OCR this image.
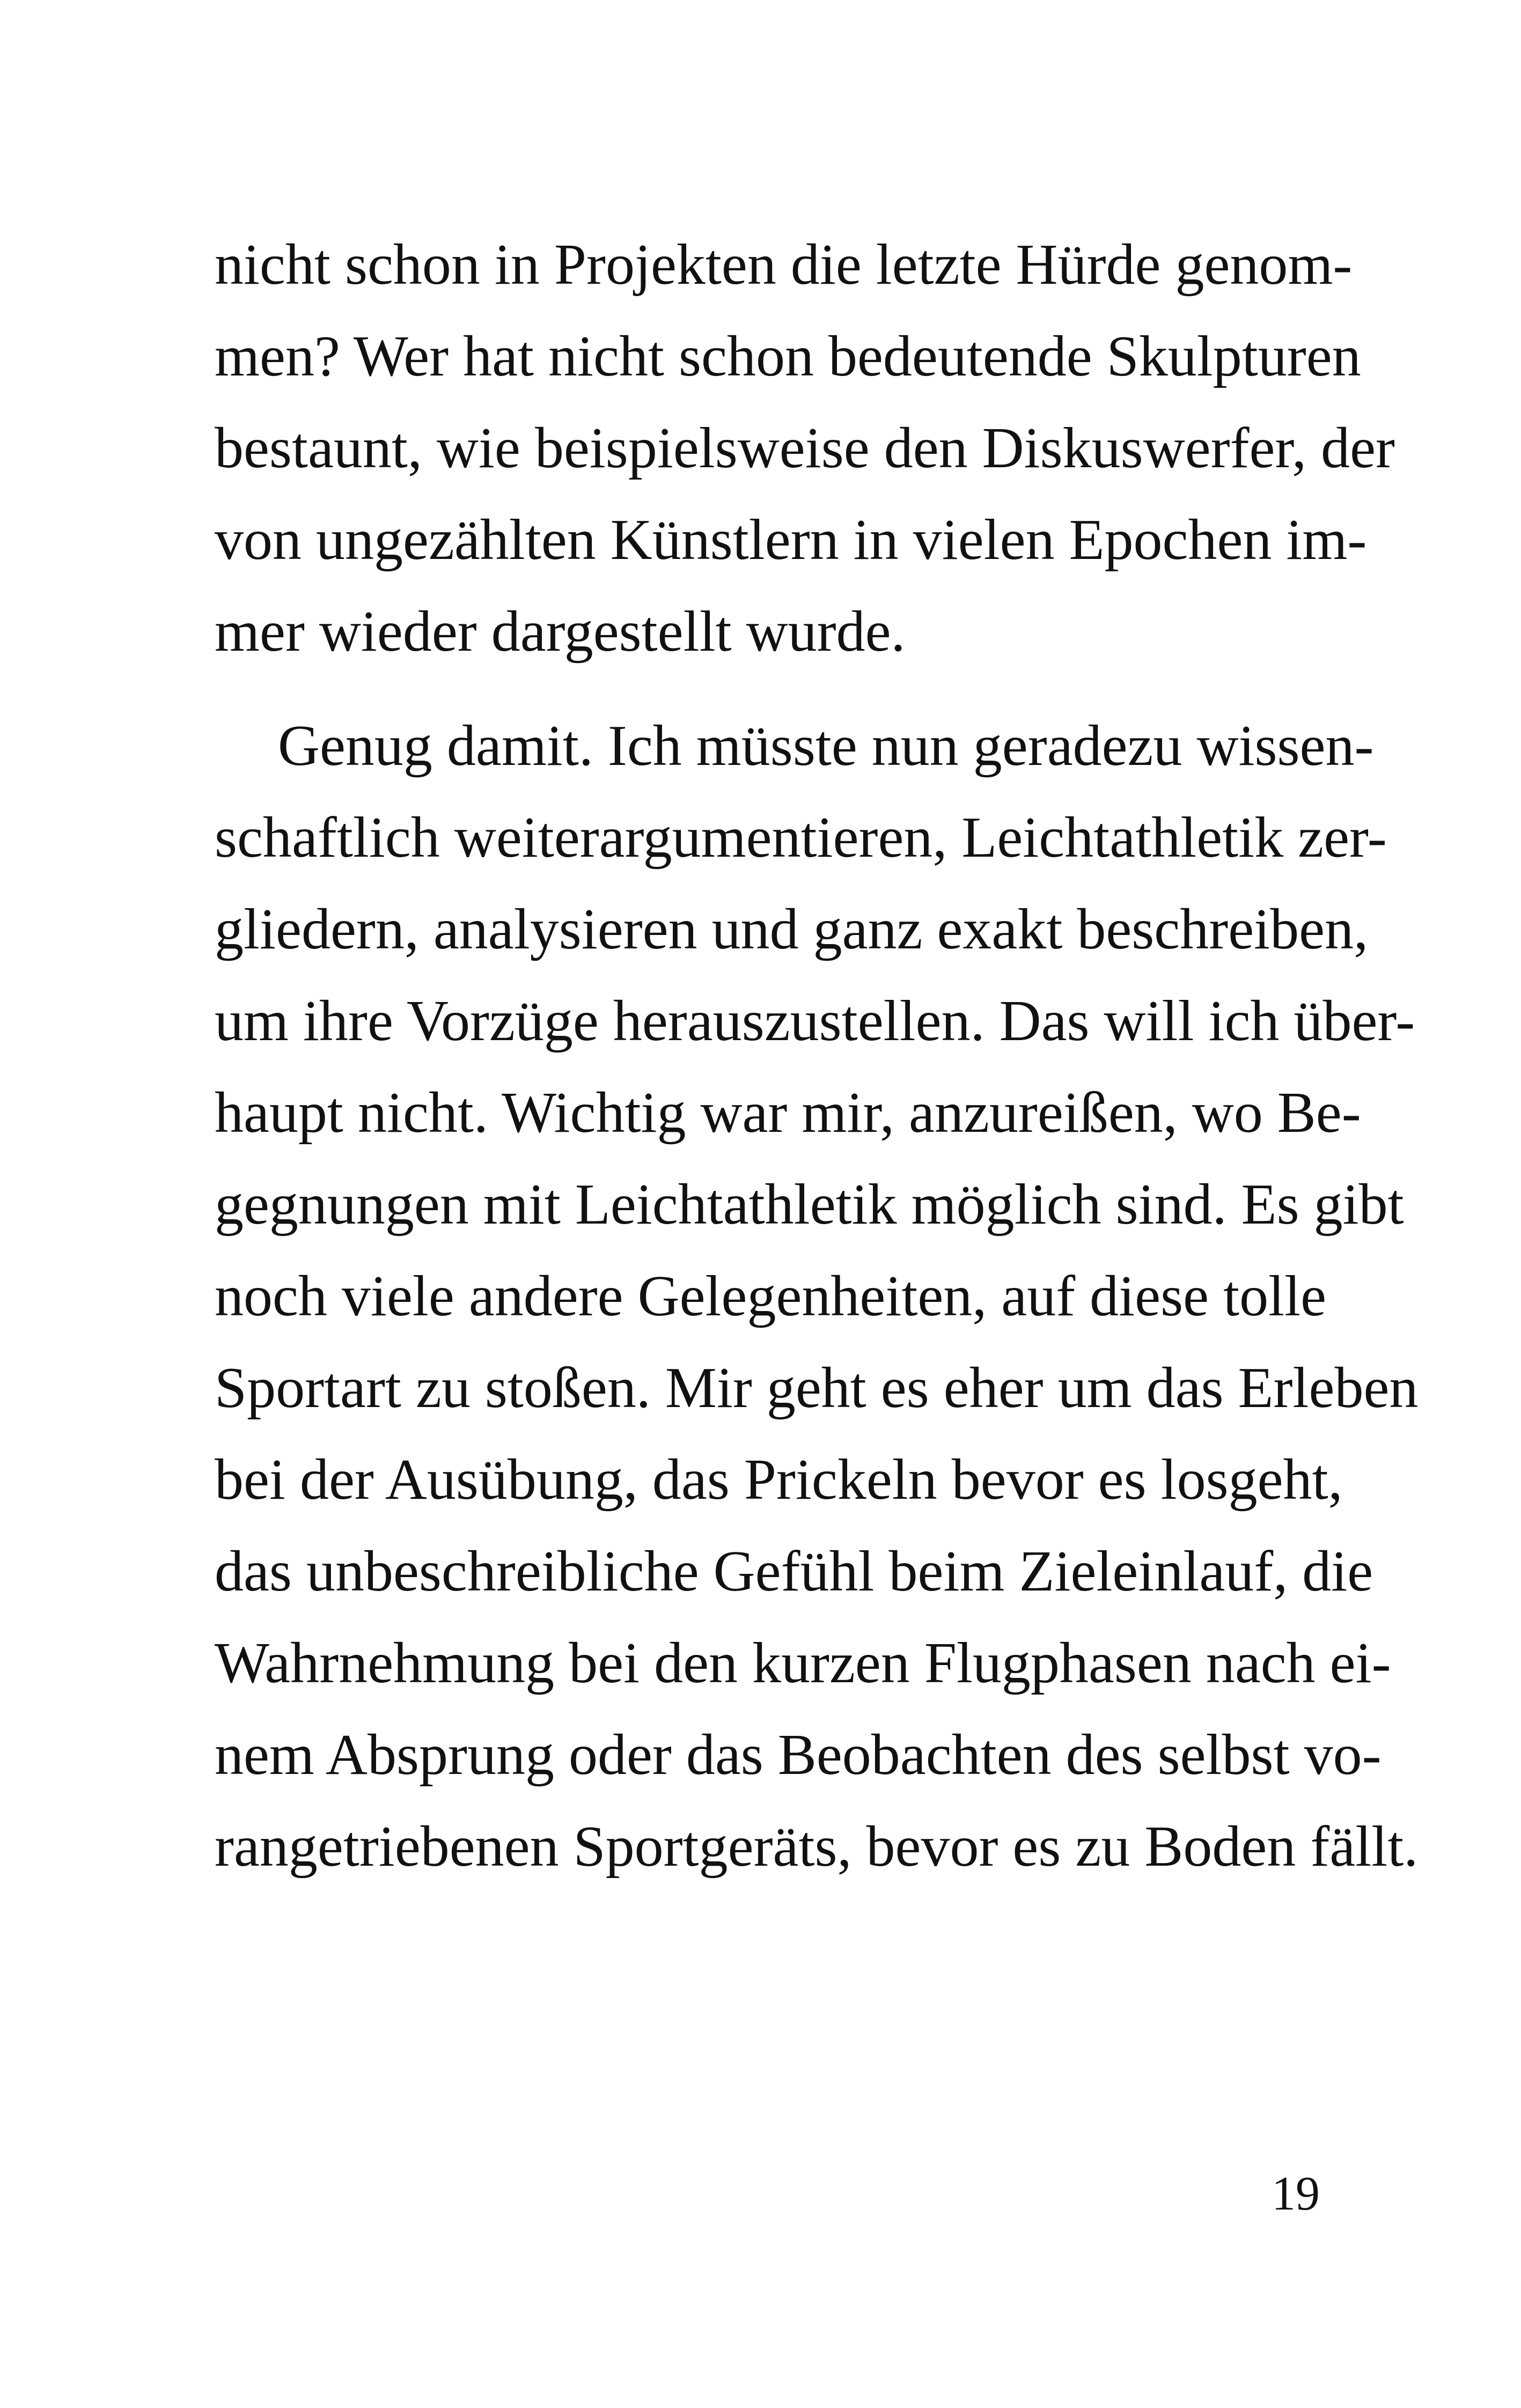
nicht schon in Projekten die letzte Hürde genom-
men? Wer hat nicht schon bedeutende Skulpturen
bestaunt, wie beispielsweise den Diskuswerfer, der
von ungezählten Künstlern in vielen Epochen im-
mer wieder dargestellt wurde.
Genug damit. Ich müsste nun geradezu wissen-
schaftlich weiterargumentieren, Leichtathletik zer-
gliedern, analysieren und ganz exakt beschreiben,
um ihre Vorzüge herauszustellen. Das will ich über-
haupt nicht. Wichtig war mir, anzureißen, wo Be-
gegnungen mit Leichtathletik möglich sind. Es gibt
noch viele andere Gelegenheiten, auf diese tolle
Sportart zu stoßen. Mir geht es eher um das Erleben
bei der Ausübung, das Prickeln bevor es losgeht,
das unbeschreibliche Gefühl beim Zieleinlauf, die
Wahrnehmung bei den kurzen Flugphasen nach ei-
nem Absprung oder das Beobachten des selbst vo-
rangetriebenen Sportgeräts, bevor es zu Boden fällt.
19
